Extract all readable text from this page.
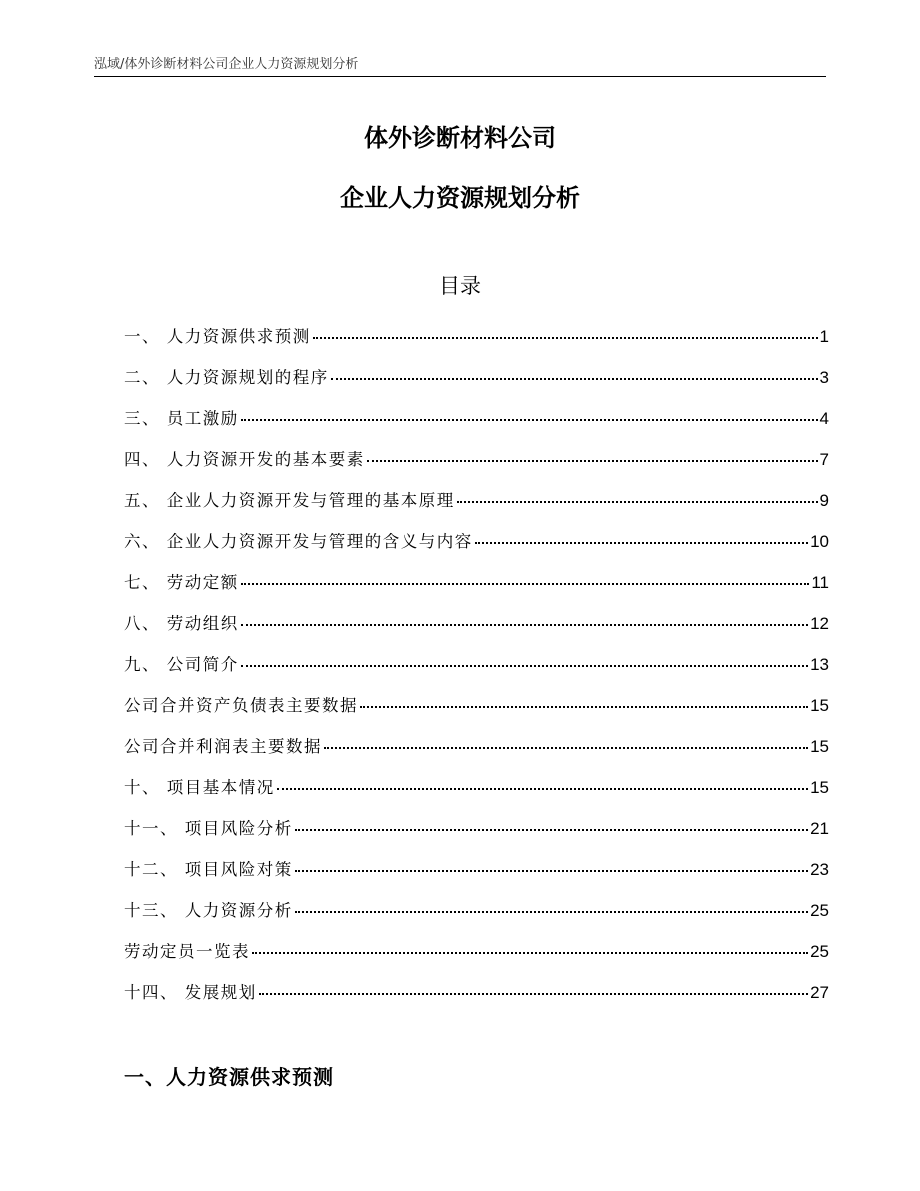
泓域/体外诊断材料公司企业人力资源规划分析
体外诊断材料公司
企业人力资源规划分析
目录
一、 人力资源供求预测	1
二、 人力资源规划的程序	3
三、 员工激励	4
四、 人力资源开发的基本要素	7
五、 企业人力资源开发与管理的基本原理	9
六、 企业人力资源开发与管理的含义与内容	10
七、 劳动定额	11
八、 劳动组织	12
九、 公司简介	13
公司合并资产负债表主要数据	15
公司合并利润表主要数据	15
十、 项目基本情况	15
十一、 项目风险分析	21
十二、 项目风险对策	23
十三、 人力资源分析	25
劳动定员一览表	25
十四、 发展规划	27
一、人力资源供求预测
